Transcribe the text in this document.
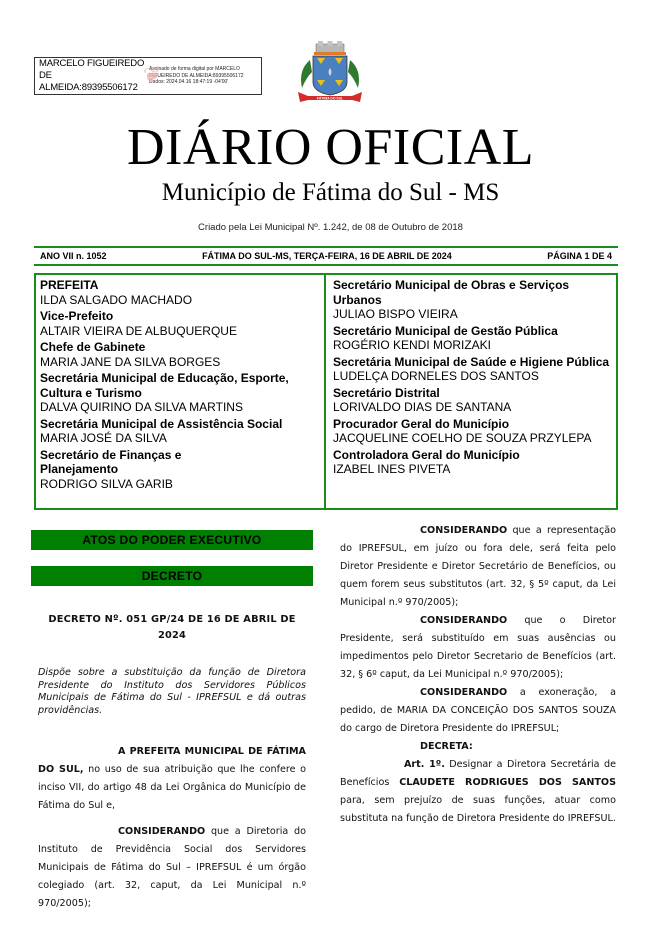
MARCELO FIGUEIREDO DE
ALMEIDA:89395506172 ❦
Assinado de forma digital por MARCELO
FIGUEIREDO DE ALMEIDA:89395506172
Dados: 2024.04.16 18:47:19 -04'00'
FÁTIMA DO SUL
DIÁRIO OFICIAL
Município de Fátima do Sul - MS
Criado pela Lei Municipal Nº. 1.242, de 08 de Outubro de 2018
ANO VII n. 1052	FÁTIMA DO SUL-MS, TERÇA-FEIRA, 16 DE ABRIL DE 2024	PÁGINA 1 DE 4
PREFEITA
ILDA SALGADO MACHADO
Vice-Prefeito
ALTAIR VIEIRA DE ALBUQUERQUE
Chefe de Gabinete
MARIA JANE DA SILVA BORGES
Secretária Municipal de Educação, Esporte, Cultura e Turismo
DALVA QUIRINO DA SILVA MARTINS
Secretária Municipal de Assistência Social
MARIA JOSÉ DA SILVA
Secretário de Finanças e Planejamento
RODRIGO SILVA GARIB
Secretário Municipal de Obras e Serviços Urbanos
JULIAO BISPO VIEIRA
Secretário Municipal de Gestão Pública
ROGÉRIO KENDI MORIZAKI
Secretária Municipal de Saúde e Higiene Pública
LUDELÇA DORNELES DOS SANTOS
Secretário Distrital
LORIVALDO DIAS DE SANTANA
Procurador Geral do Município
JACQUELINE COELHO DE SOUZA PRZYLEPA
Controladora Geral do Município
IZABEL INES PIVETA
ATOS DO PODER EXECUTIVO
DECRETO
DECRETO Nº. 051 GP/24 DE 16 DE ABRIL DE 2024
Dispõe sobre a substituição da função de Diretora Presidente do Instituto dos Servidores Públicos Municipais de Fátima do Sul - IPREFSUL e dá outras providências.

A PREFEITA MUNICIPAL DE FÁTIMA DO SUL, no uso de sua atribuição que lhe confere o inciso VII, do artigo 48 da Lei Orgânica do Município de Fátima do Sul e,

CONSIDERANDO que a Diretoria do Instituto de Previdência Social dos Servidores Municipais de Fátima do Sul – IPREFSUL é um órgão colegiado (art. 32, caput, da Lei Municipal n.º 970/2005);

CONSIDERANDO que a representação do IPREFSUL, em juízo ou fora dele, será feita pelo Diretor Presidente e Diretor Secretário de Benefícios, ou quem forem seus substitutos (art. 32, § 5º caput, da Lei Municipal n.º 970/2005);

CONSIDERANDO que o Diretor Presidente, será substituído em suas ausências ou impedimentos pelo Diretor Secretario de Benefícios (art. 32, § 6º caput, da Lei Municipal n.º 970/2005);

CONSIDERANDO a exoneração, a pedido, de MARIA DA CONCEIÇÃO DOS SANTOS SOUZA do cargo de Diretora Presidente do IPREFSUL;

DECRETA:

Art. 1º. Designar a Diretora Secretária de Benefícios CLAUDETE RODRIGUES DOS SANTOS para, sem prejuízo de suas funções, atuar como substituta na função de Diretora Presidente do IPREFSUL.
